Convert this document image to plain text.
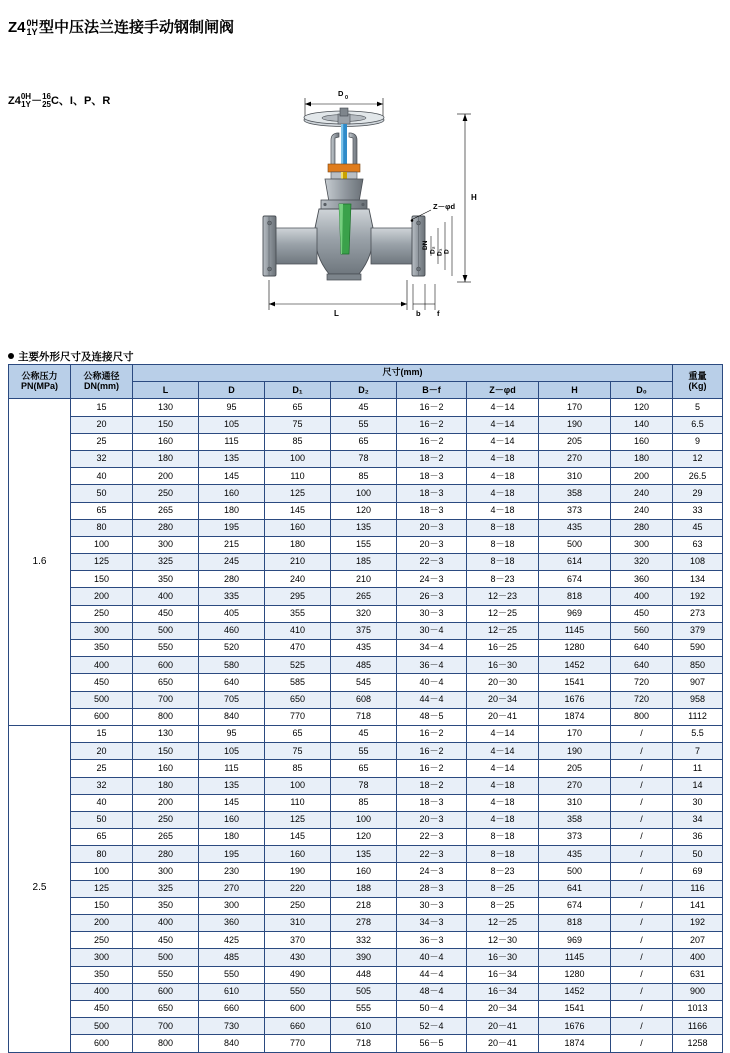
Z4 0H
1Y 型中压法兰连接手动钢制闸阀
Z4 0H
1Y － 16
25 C、I、P、R
D 0
Z－φd
H
DN
D₂ D₁ D
L	b f
主要外形尺寸及连接尺寸
公称压力
PN(MPa)

公称通径
DN(mm)
	尺寸(mm)	重量
(Kg)

		L	D	D₁	D₂	B－f	Z－φd	H	D₀	
1.6	15	130	95	65	45	16－2	4－14	170	120	5
	20	150	105	75	55	16－2	4－14	190	140	6.5
	25	160	115	85	65	16－2	4－14	205	160	9
	32	180	135	100	78	18－2	4－18	270	180	12
	40	200	145	110	85	18－3	4－18	310	200	26.5
	50	250	160	125	100	18－3	4－18	358	240	29
	65	265	180	145	120	18－3	4－18	373	240	33
	80	280	195	160	135	20－3	8－18	435	280	45
	100	300	215	180	155	20－3	8－18	500	300	63
	125	325	245	210	185	22－3	8－18	614	320	108
	150	350	280	240	210	24－3	8－23	674	360	134
	200	400	335	295	265	26－3	12－23	818	400	192
	250	450	405	355	320	30－3	12－25	969	450	273
	300	500	460	410	375	30－4	12－25	1145	560	379
	350	550	520	470	435	34－4	16－25	1280	640	590
	400	600	580	525	485	36－4	16－30	1452	640	850
	450	650	640	585	545	40－4	20－30	1541	720	907
	500	700	705	650	608	44－4	20－34	1676	720	958
	600	800	840	770	718	48－5	20－41	1874	800	1112
2.5	15	130	95	65	45	16－2	4－14	170	/	5.5
	20	150	105	75	55	16－2	4－14	190	/	7
	25	160	115	85	65	16－2	4－14	205	/	11
	32	180	135	100	78	18－2	4－18	270	/	14
	40	200	145	110	85	18－3	4－18	310	/	30
	50	250	160	125	100	20－3	4－18	358	/	34
	65	265	180	145	120	22－3	8－18	373	/	36
	80	280	195	160	135	22－3	8－18	435	/	50
	100	300	230	190	160	24－3	8－23	500	/	69
	125	325	270	220	188	28－3	8－25	641	/	116
	150	350	300	250	218	30－3	8－25	674	/	141
	200	400	360	310	278	34－3	12－25	818	/	192
	250	450	425	370	332	36－3	12－30	969	/	207
	300	500	485	430	390	40－4	16－30	1145	/	400
	350	550	550	490	448	44－4	16－34	1280	/	631
	400	600	610	550	505	48－4	16－34	1452	/	900
	450	650	660	600	555	50－4	20－34	1541	/	1013
	500	700	730	660	610	52－4	20－41	1676	/	1166
	600	800	840	770	718	56－5	20－41	1874	/	1258
